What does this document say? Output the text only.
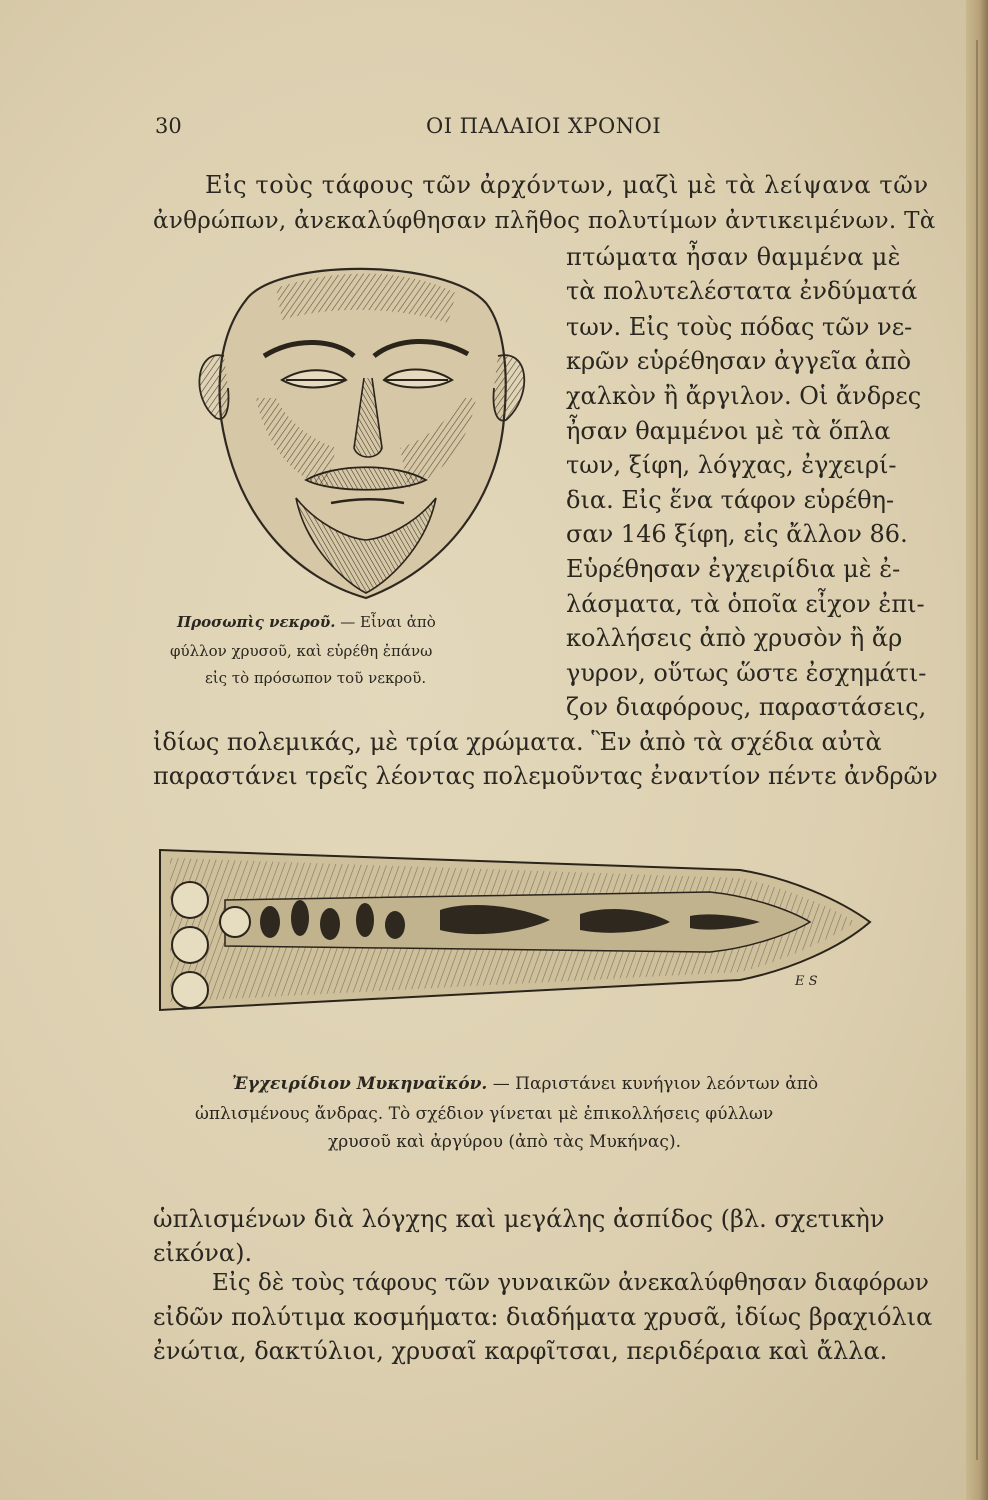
30	ΟΙ ΠΑΛΑΙΟΙ ΧΡΟΝΟΙ
Εἰς τοὺς τάφους τῶν ἀρχόντων, μαζὶ μὲ τὰ λείψανα τῶν
ἀνθρώπων, ἀνεκαλύφθησαν πλῆθος πολυτίμων ἀντικειμένων. Τὰ
πτώματα ἦσαν θαμμένα μὲ
τὰ πολυτελέστατα ἐνδύματά
των. Εἰς τοὺς πόδας τῶν νε-
κρῶν εὑρέθησαν ἀγγεῖα ἀπὸ
χαλκὸν ἢ ἄργιλον. Οἱ ἄνδρες
ἦσαν θαμμένοι μὲ τὰ ὅπλα
των, ξίφη, λόγχας, ἐγχειρί-
δια. Εἰς ἕνα τάφον εὑρέθη-
σαν 146 ξίφη, εἰς ἄλλον 86.
Εὑρέθησαν ἐγχειρίδια μὲ ἐ-
λάσματα, τὰ ὁποῖα εἶχον ἐπι-
κολλήσεις ἀπὸ χρυσὸν ἢ ἄρ
γυρον, οὕτως ὥστε ἐσχημάτι-
ζον διαφόρους, παραστάσεις,
ἰδίως πολεμικάς, μὲ τρία χρώματα. Ἓν ἀπὸ τὰ σχέδια αὐτὰ
παραστάνει τρεῖς λέοντας πολεμοῦντας ἐναντίον πέντε ἀνδρῶν
Προσωπὶς νεκροῦ. — Εἶναι ἀπὸ
φύλλον χρυσοῦ, καὶ εὑρέθη ἐπάνω
εἰς τὸ πρόσωπον τοῦ νεκροῦ.
E S
Ἐγχειρίδιον Μυκηναϊκόν. — Παριστάνει κυνήγιον λεόντων ἀπὸ
ὡπλισμένους ἄνδρας. Τὸ σχέδιον γίνεται μὲ ἐπικολλήσεις φύλλων
χρυσοῦ καὶ ἀργύρου (ἀπὸ τὰς Μυκήνας).
ὡπλισμένων διὰ λόγχης καὶ μεγάλης ἀσπίδος (βλ. σχετικὴν
εἰκόνα).
Εἰς δὲ τοὺς τάφους τῶν γυναικῶν ἀνεκαλύφθησαν διαφόρων
εἰδῶν πολύτιμα κοσμήματα: διαδήματα χρυσᾶ, ἰδίως βραχιόλια
ἐνώτια, δακτύλιοι, χρυσαῖ καρφῖτσαι, περιδέραια καὶ ἄλλα.
